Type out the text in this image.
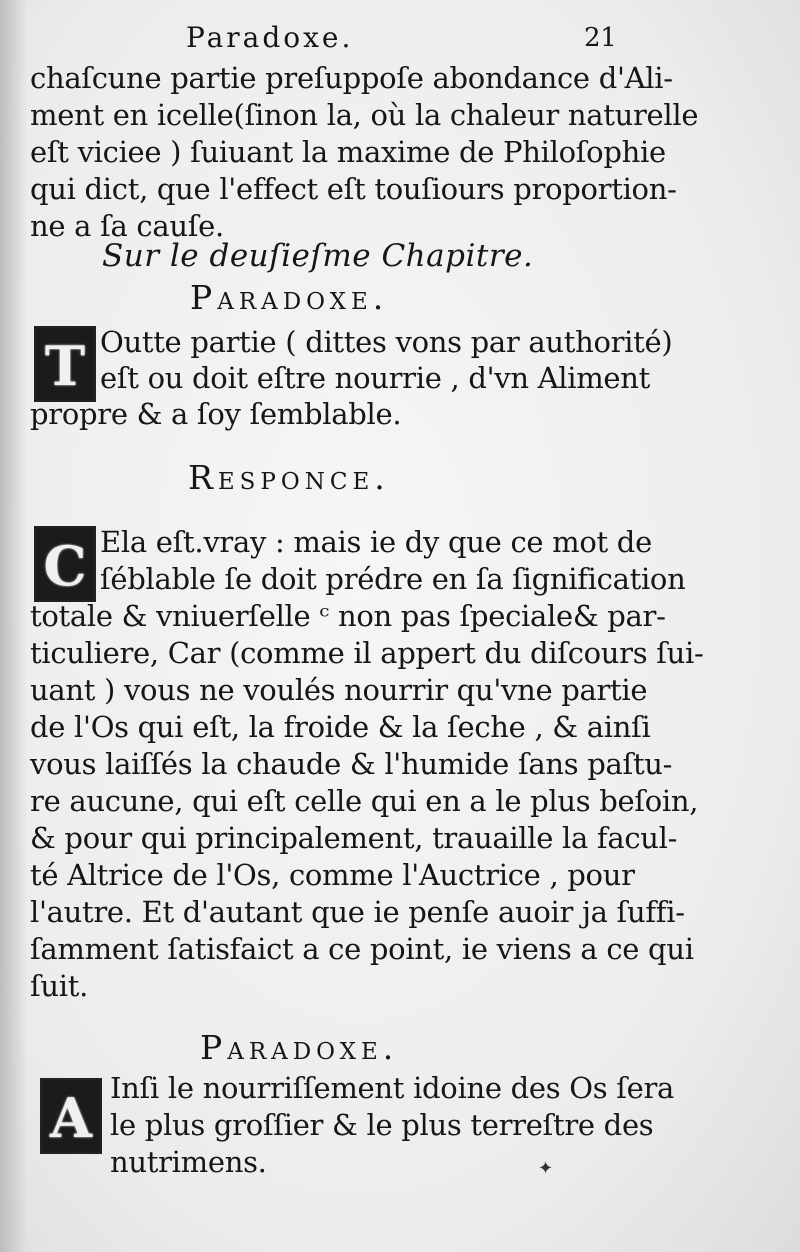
Paradoxe.	21
chaſcune partie preſuppoſe abondance d'Ali-
ment en icelle(ſinon la, où la chaleur naturelle
eſt viciee ) ſuiuant la maxime de Philoſophie
qui dict, que l'effect eſt touſiours proportion-
ne a ſa cauſe.
Sur le deuſieſme Chapitre.
Paradoxe.
T Outte partie ( dittes vons par authorité)
eſt ou doit eſtre nourrie , d'vn Aliment
propre & a ſoy ſemblable.
Responce.
C Ela eſt.vray : mais ie dy que ce mot de
ſéblable ſe doit prédre en ſa ſignification
totale & vniuerſelle ᶜ non pas ſpeciale& par-
ticuliere, Car (comme il appert du diſcours ſui-
uant ) vous ne voulés nourrir qu'vne partie
de l'Os qui eſt, la froide & la ſeche , & ainſi
vous laiſſés la chaude & l'humide ſans paſtu-
re aucune, qui eſt celle qui en a le plus beſoin,
& pour qui principalement, trauaille la facul-
té Altrice de l'Os, comme l'Auctrice , pour
l'autre. Et d'autant que ie penſe auoir ja ſuffi-
ſamment ſatisfaict a ce point, ie viens a ce qui
ſuit.
Paradoxe.
A Inſi le nourriſſement idoine des Os ſera
le plus groſſier & le plus terreſtre des
nutrimens.	✦
